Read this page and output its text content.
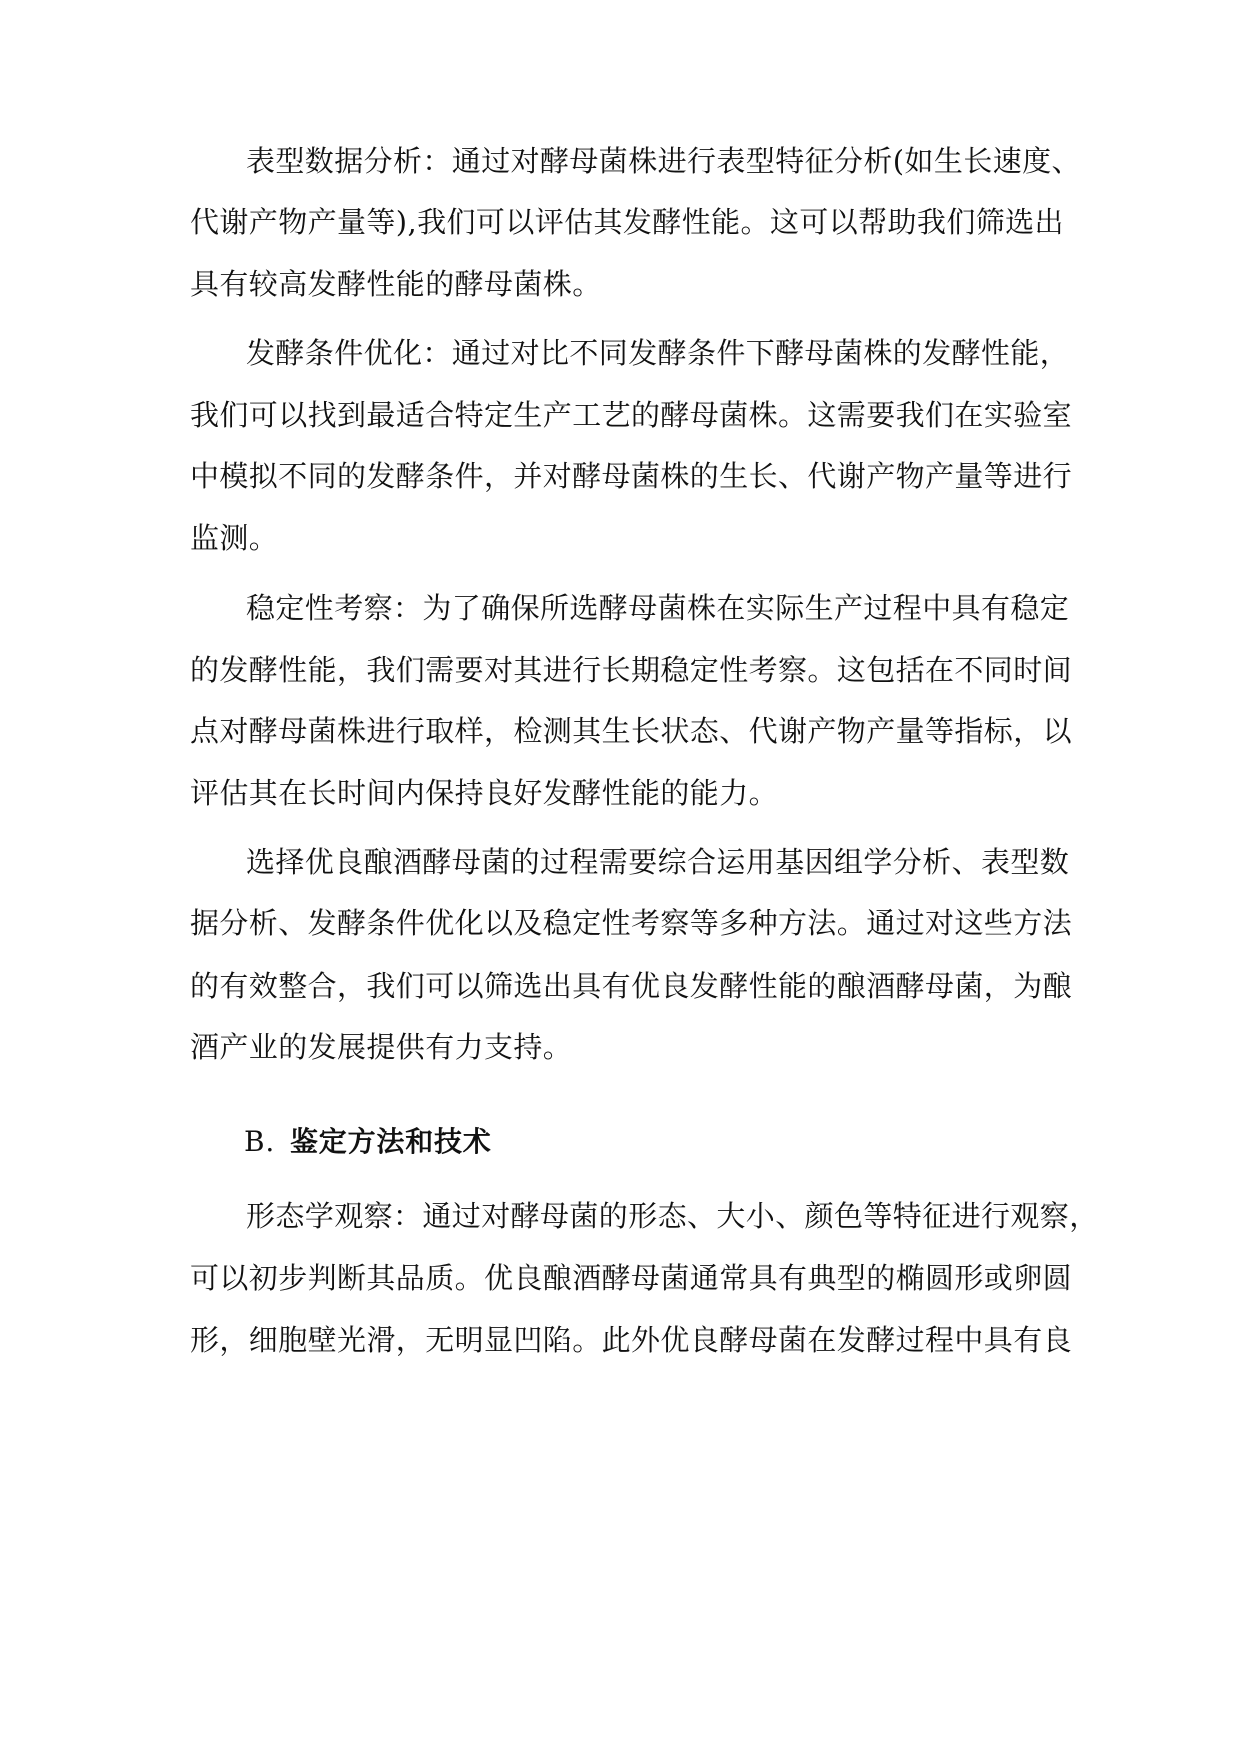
表型数据分析：通过对酵母菌株进行表型特征分析(如生长速度、
代谢产物产量等),我们可以评估其发酵性能。这可以帮助我们筛选出
具有较高发酵性能的酵母菌株。
发酵条件优化：通过对比不同发酵条件下酵母菌株的发酵性能，
我们可以找到最适合特定生产工艺的酵母菌株。这需要我们在实验室
中模拟不同的发酵条件，并对酵母菌株的生长、代谢产物产量等进行
监测。
稳定性考察：为了确保所选酵母菌株在实际生产过程中具有稳定
的发酵性能，我们需要对其进行长期稳定性考察。这包括在不同时间
点对酵母菌株进行取样，检测其生长状态、代谢产物产量等指标，以
评估其在长时间内保持良好发酵性能的能力。
选择优良酿酒酵母菌的过程需要综合运用基因组学分析、表型数
据分析、发酵条件优化以及稳定性考察等多种方法。通过对这些方法
的有效整合，我们可以筛选出具有优良发酵性能的酿酒酵母菌，为酿
酒产业的发展提供有力支持。
B. 鉴定方法和技术
形态学观察：通过对酵母菌的形态、大小、颜色等特征进行观察，
可以初步判断其品质。优良酿酒酵母菌通常具有典型的椭圆形或卵圆
形，细胞壁光滑，无明显凹陷。此外优良酵母菌在发酵过程中具有良
